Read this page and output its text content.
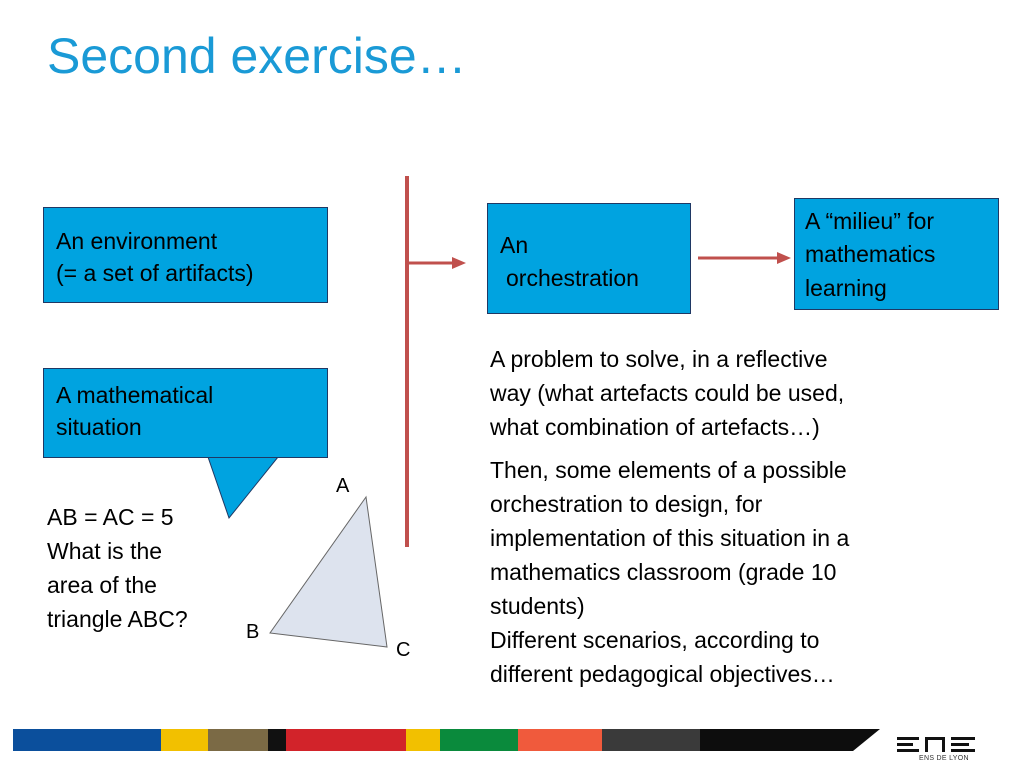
Second exercise…
An environment
(= a set of artifacts)
A mathematical
situation
An
orchestration
A “milieu” for
mathematics
learning
A
B
C
AB = AC = 5
What is the
area of the
triangle ABC?
A problem to solve, in a reflective
way (what artefacts could be used,
what combination of artefacts…)
Then, some elements of a possible
orchestration to design, for
implementation of this situation in a
mathematics classroom (grade 10
students)
Different scenarios, according to
different pedagogical objectives…
ENS DE LYON
